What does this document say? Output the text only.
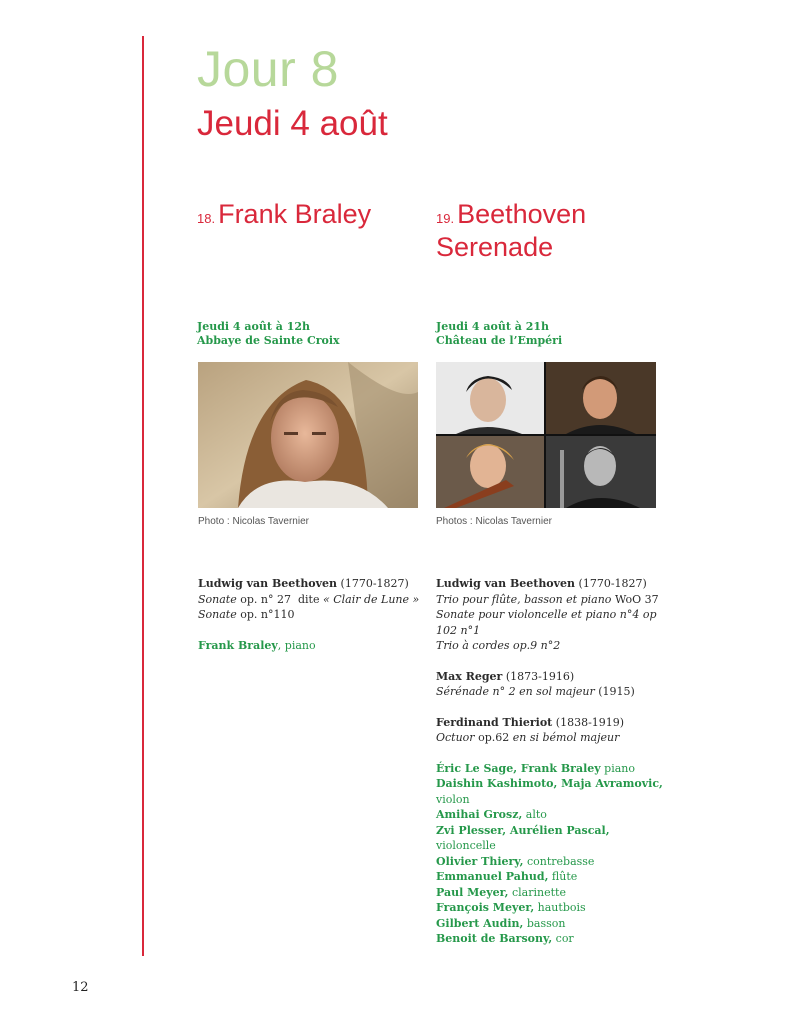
Jour 8
Jeudi 4 août
18. Frank Braley
Jeudi 4 août à 12h
Abbaye de Sainte Croix
Photo : Nicolas Tavernier

Ludwig van Beethoven (1770-1827)

Sonate op. n° 27 dite « Clair de Lune »

Sonate op. n°110

Frank Braley, piano

19. Beethoven
Serenade
Jeudi 4 août à 21h
Château de l’Empéri
Photos : Nicolas Tavernier

Ludwig van Beethoven (1770-1827)

Trio pour flûte, basson et piano WoO 37

Sonate pour violoncelle et piano n°4 op 102 n°1

Trio à cordes op.9 n°2

Max Reger (1873-1916)

Sérénade n° 2 en sol majeur (1915)

Ferdinand Thieriot (1838-1919)

Octuor op.62 en si bémol majeur

Éric Le Sage, Frank Braley piano

Daishin Kashimoto, Maja Avramovic, violon

Amihai Grosz, alto

Zvi Plesser, Aurélien Pascal, violoncelle

Olivier Thiery, contrebasse

Emmanuel Pahud, flûte

Paul Meyer, clarinette

François Meyer, hautbois

Gilbert Audin, basson

Benoit de Barsony, cor

12
